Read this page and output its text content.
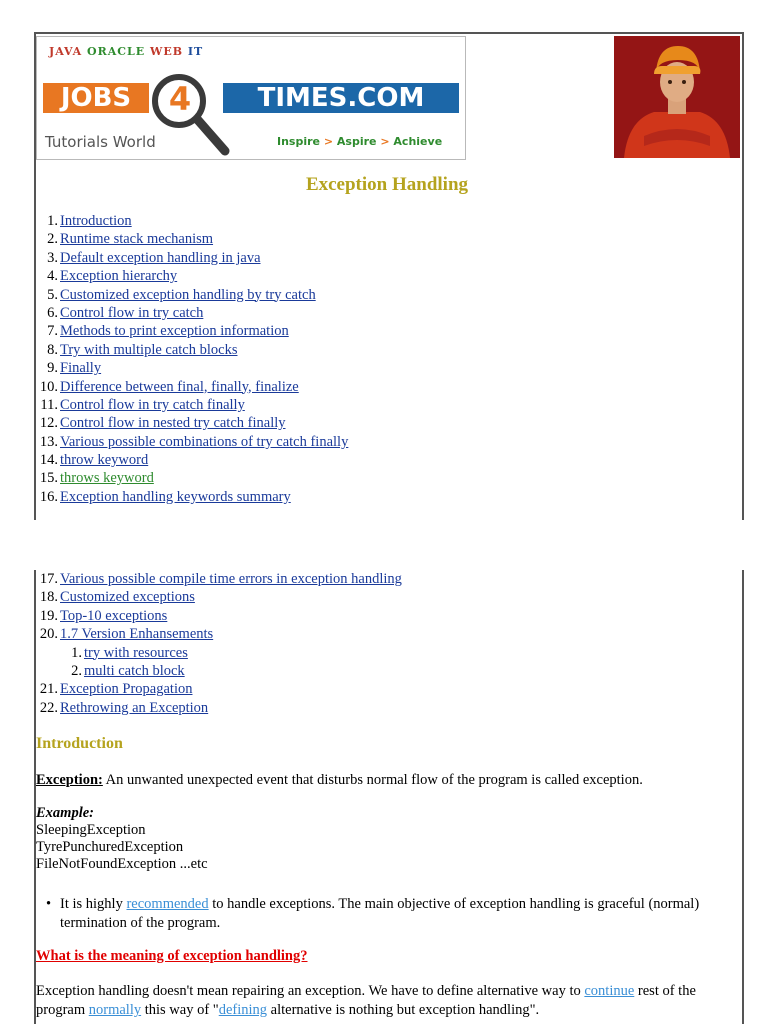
JAVA ORACLE WEB IT
JOBS	TIMES.COM
4
Tutorials World	Inspire > Aspire > Achieve
Exception Handling
1. Introduction
2. Runtime stack mechanism
3. Default exception handling in java
4. Exception hierarchy
5. Customized exception handling by try catch
6. Control flow in try catch
7. Methods to print exception information
8. Try with multiple catch blocks
9. Finally
10. Difference between final, finally, finalize
11. Control flow in try catch finally
12. Control flow in nested try catch finally
13. Various possible combinations of try catch finally
14. throw keyword
15. throws keyword
16. Exception handling keywords summary
17. Various possible compile time errors in exception handling
18. Customized exceptions
19. Top-10 exceptions
20. 1.7 Version Enhansements
1. try with resources
2. multi catch block
21. Exception Propagation
22. Rethrowing an Exception
Introduction
Exception: An unwanted unexpected event that disturbs normal flow of the program is called exception.
Example:
SleepingException
TyrePunchuredException
FileNotFoundException ...etc
• It is highly recommended to handle exceptions. The main objective of exception handling is graceful (normal) termination of the program.
What is the meaning of exception handling?
Exception handling doesn't mean repairing an exception. We have to define alternative way to continue rest of the program normally this way of "defining alternative is nothing but exception handling".
